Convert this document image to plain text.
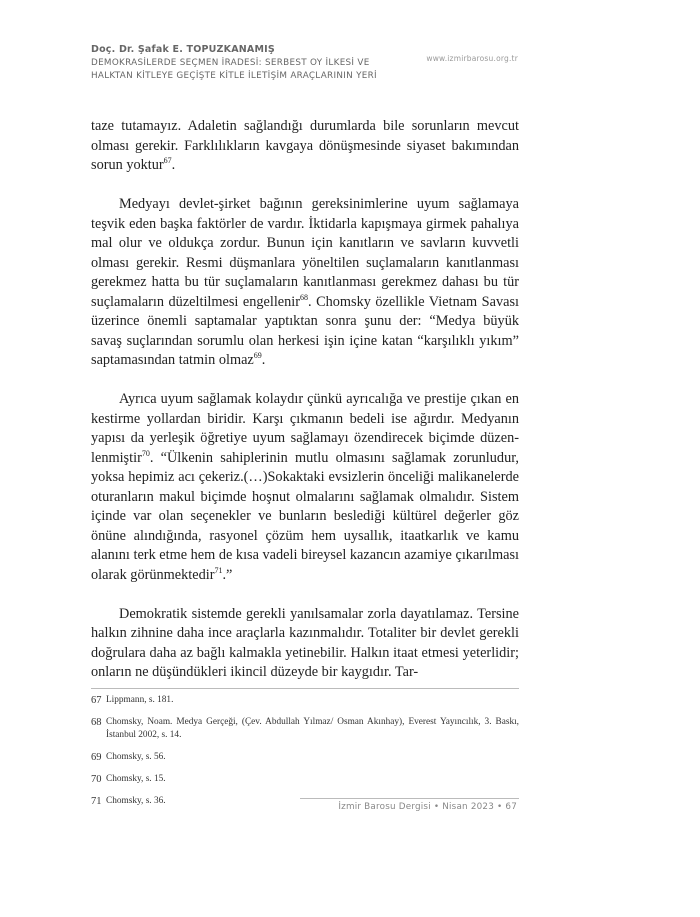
Doç. Dr. Şafak E. TOPUZKANAMIŞ
DEMOKRASİLERDE SEÇMEN İRADESİ: SERBEST OY İLKESİ VE
HALKTAN KİTLEYE GEÇİŞTE KİTLE İLETİŞİM ARAÇLARININ YERİ
www.izmirbarosu.org.tr

taze tutamayız. Adaletin sağlandığı durumlarda bile sorunların mevcut olması gerekir. Farklılıkların kavgaya dönüşmesinde siyaset bakımından sorun yoktur$^{67}$.

Medyayı devlet-şirket bağının gereksinimlerine uyum sağlamaya teşvik eden başka faktörler de vardır. İktidarla kapışmaya girmek pahalıya mal olur ve oldukça zordur. Bunun için kanıtların ve savların kuvvetli olması gerekir. Resmi düşmanlara yöneltilen suçlamaların kanıtlanması gerekmez hatta bu tür suçlamaların kanıtlanması gerekmez dahası bu tür suçlamaların düzeltilmesi engellenir$^{68}$. Chomsky özellikle Vietnam Savası üzerince önemli saptamalar yaptıktan sonra şunu der: “Medya büyük savaş suçlarından sorumlu olan herkesi işin içine katan “karşılıklı yıkım” saptamasından tatmin olmaz$^{69}$.

Ayrıca uyum sağlamak kolaydır çünkü ayrıcalığa ve prestije çıkan en kestirme yollardan biridir. Karşı çıkmanın bedeli ise ağırdır. Medyanın yapısı da yerleşik öğretiye uyum sağlamayı özendirecek biçimde düzenlenmiştir$^{70}$. “Ülkenin sahiplerinin mutlu olmasını sağlamak zorunludur, yoksa hepimiz acı çekeriz.(…)Sokaktaki evsizlerin önceliği malikanelerde oturanların makul biçimde hoşnut olmalarını sağlamak olmalıdır. Sistem içinde var olan seçenekler ve bunların beslediği kültürel değerler göz önüne alındığında, rasyonel çözüm hem uysallık, itaatkarlık ve kamu alanını terk etme hem de kısa vadeli bireysel kazancın azamiye çıkarılması olarak görünmektedir$^{71}$.”

Demokratik sistemde gerekli yanılsamalar zorla dayatılamaz. Tersine halkın zihnine daha ince araçlarla kazınmalıdır. Totaliter bir devlet gerekli doğrulara daha az bağlı kalmakla yetinebilir. Halkın itaat etmesi yeterlidir; onların ne düşündükleri ikincil düzeyde bir kaygıdır. Tar-

67 Lippmann, s. 181.
68 Chomsky, Noam. Medya Gerçeği, (Çev. Abdullah Yılmaz/ Osman Akınhay), Everest Yayıncılık, 3. Baskı, İstanbul 2002, s. 14.
69 Chomsky, s. 56.
70 Chomsky, s. 15.
71 Chomsky, s. 36.
İzmir Barosu Dergisi • Nisan 2023 • 67
